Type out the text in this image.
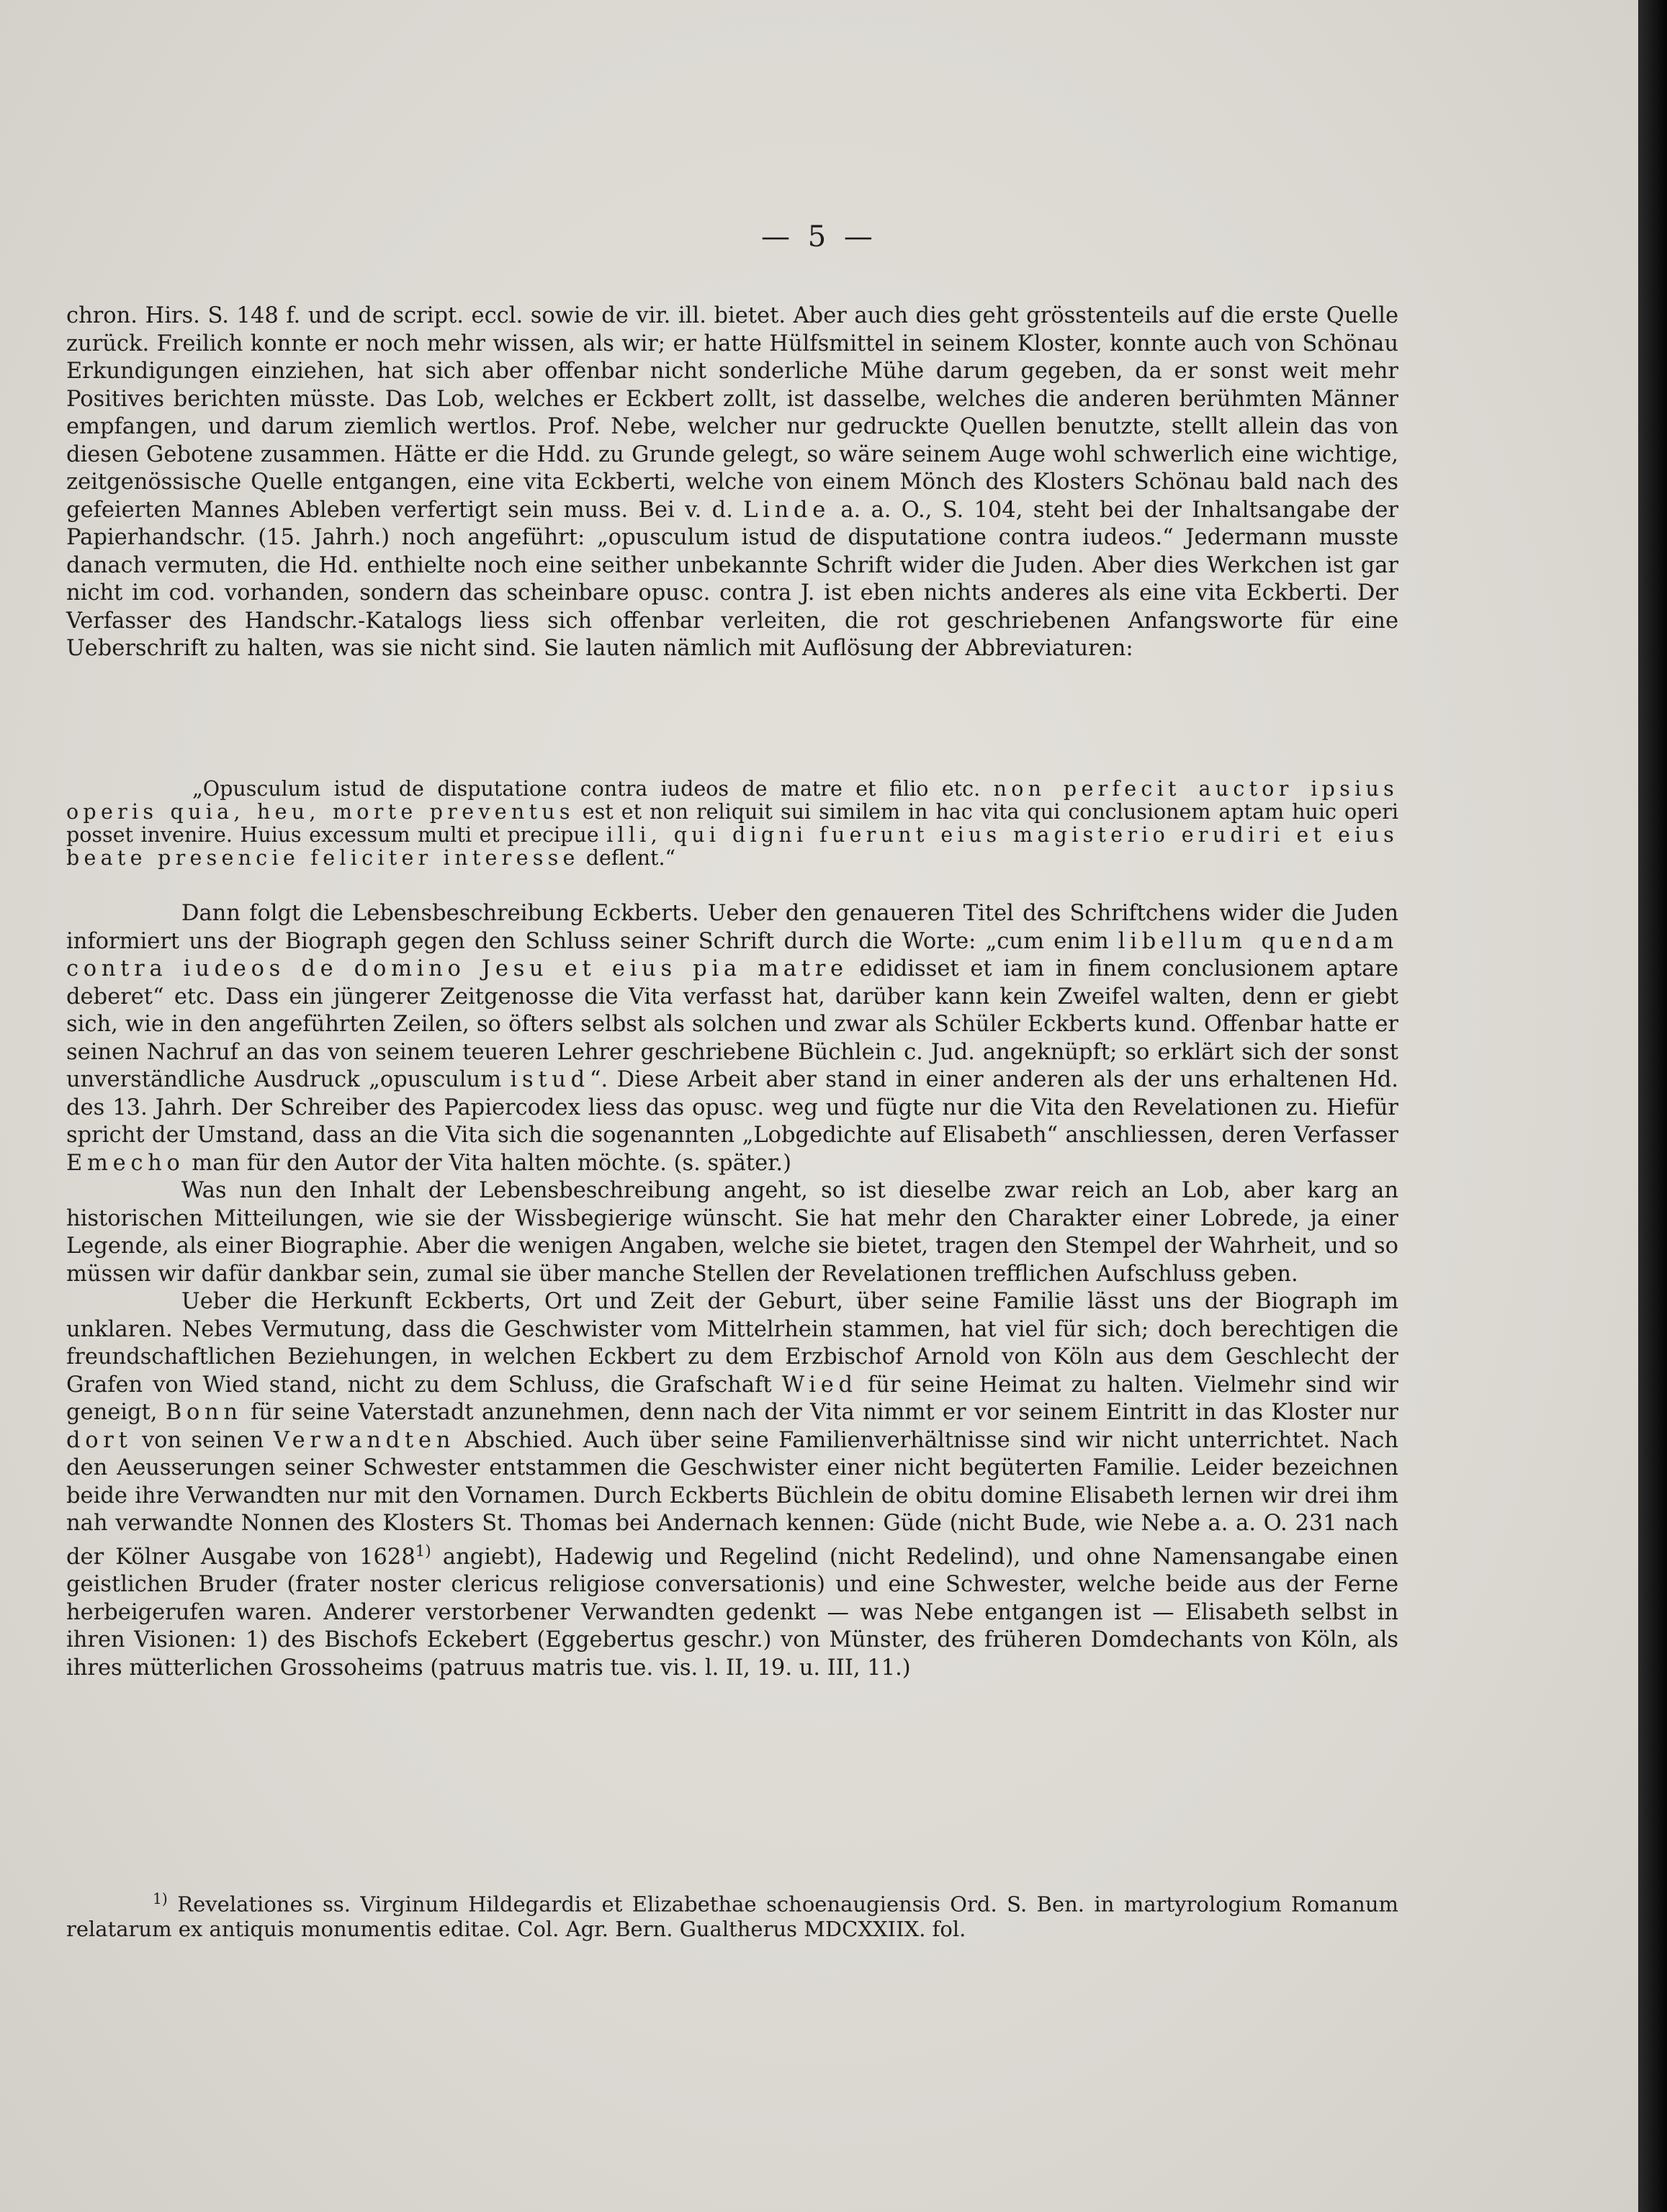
— 5 —

chron. Hirs. S. 148 f. und de script. eccl. sowie de vir. ill. bietet. Aber auch dies geht grösstenteils auf die erste Quelle zurück. Freilich konnte er noch mehr wissen, als wir; er hatte Hülfsmittel in seinem Kloster, konnte auch von Schönau Erkundigungen einziehen, hat sich aber offenbar nicht sonderliche Mühe darum gegeben, da er sonst weit mehr Positives berichten müsste. Das Lob, welches er Eckbert zollt, ist dasselbe, welches die anderen berühmten Männer empfangen, und darum ziemlich wertlos. Prof. Nebe, welcher nur gedruckte Quellen benutzte, stellt allein das von diesen Gebotene zusammen. Hätte er die Hdd. zu Grunde gelegt, so wäre seinem Auge wohl schwerlich eine wichtige, zeitgenössische Quelle entgangen, eine vita Eckberti, welche von einem Mönch des Klosters Schönau bald nach des gefeierten Mannes Ableben verfertigt sein muss. Bei v. d. Linde a. a. O., S. 104, steht bei der Inhaltsangabe der Papierhandschr. (15. Jahrh.) noch angeführt: „opusculum istud de disputatione contra iudeos.“ Jedermann musste danach vermuten, die Hd. enthielte noch eine seither unbekannte Schrift wider die Juden. Aber dies Werkchen ist gar nicht im cod. vorhanden, sondern das scheinbare opusc. contra J. ist eben nichts anderes als eine vita Eckberti. Der Verfasser des Handschr.-Katalogs liess sich offenbar verleiten, die rot geschriebenen Anfangsworte für eine Ueberschrift zu halten, was sie nicht sind. Sie lauten nämlich mit Auflösung der Abbreviaturen:

„Opusculum istud de disputatione contra iudeos de matre et filio etc. non perfecit auctor ipsius operis quia, heu, morte preventus est et non reliquit sui similem in hac vita qui conclusionem aptam huic operi posset invenire. Huius excessum multi et precipue illi, qui digni fuerunt eius magisterio erudiri et eius beate presencie feliciter interesse deflent.“

Dann folgt die Lebensbeschreibung Eckberts. Ueber den genaueren Titel des Schriftchens wider die Juden informiert uns der Biograph gegen den Schluss seiner Schrift durch die Worte: „cum enim libellum quendam contra iudeos de domino Jesu et eius pia matre edidisset et iam in finem conclusionem aptare deberet“ etc. Dass ein jüngerer Zeitgenosse die Vita verfasst hat, darüber kann kein Zweifel walten, denn er giebt sich, wie in den angeführten Zeilen, so öfters selbst als solchen und zwar als Schüler Eckberts kund. Offenbar hatte er seinen Nachruf an das von seinem teueren Lehrer geschriebene Büchlein c. Jud. angeknüpft; so erklärt sich der sonst unverständliche Ausdruck „opusculum istud“. Diese Arbeit aber stand in einer anderen als der uns erhaltenen Hd. des 13. Jahrh. Der Schreiber des Papiercodex liess das opusc. weg und fügte nur die Vita den Revelationen zu. Hiefür spricht der Umstand, dass an die Vita sich die sogenannten „Lobgedichte auf Elisabeth“ anschliessen, deren Verfasser Emecho man für den Autor der Vita halten möchte. (s. später.)

Was nun den Inhalt der Lebensbeschreibung angeht, so ist dieselbe zwar reich an Lob, aber karg an historischen Mitteilungen, wie sie der Wissbegierige wünscht. Sie hat mehr den Charakter einer Lobrede, ja einer Legende, als einer Biographie. Aber die wenigen Angaben, welche sie bietet, tragen den Stempel der Wahrheit, und so müssen wir dafür dankbar sein, zumal sie über manche Stellen der Revelationen trefflichen Aufschluss geben.

Ueber die Herkunft Eckberts, Ort und Zeit der Geburt, über seine Familie lässt uns der Biograph im unklaren. Nebes Vermutung, dass die Geschwister vom Mittelrhein stammen, hat viel für sich; doch berechtigen die freundschaftlichen Beziehungen, in welchen Eckbert zu dem Erzbischof Arnold von Köln aus dem Geschlecht der Grafen von Wied stand, nicht zu dem Schluss, die Grafschaft Wied für seine Heimat zu halten. Vielmehr sind wir geneigt, Bonn für seine Vaterstadt anzunehmen, denn nach der Vita nimmt er vor seinem Eintritt in das Kloster nur dort von seinen Verwandten Abschied. Auch über seine Familienverhältnisse sind wir nicht unterrichtet. Nach den Aeusserungen seiner Schwester entstammen die Geschwister einer nicht begüterten Familie. Leider bezeichnen beide ihre Verwandten nur mit den Vornamen. Durch Eckberts Büchlein de obitu domine Elisabeth lernen wir drei ihm nah verwandte Nonnen des Klosters St. Thomas bei Andernach kennen: Güde (nicht Bude, wie Nebe a. a. O. 231 nach der Kölner Ausgabe von 1628$^{1)}$ angiebt), Hadewig und Regelind (nicht Redelind), und ohne Namensangabe einen geistlichen Bruder (frater noster clericus religiose conversationis) und eine Schwester, welche beide aus der Ferne herbeigerufen waren. Anderer verstorbener Verwandten gedenkt — was Nebe entgangen ist — Elisabeth selbst in ihren Visionen: 1) des Bischofs Eckebert (Eggebertus geschr.) von Münster, des früheren Domdechants von Köln, als ihres mütterlichen Grossoheims (patruus matris tue. vis. l. II, 19. u. III, 11.)

$^{1)}$ Revelationes ss. Virginum Hildegardis et Elizabethae schoenaugiensis Ord. S. Ben. in martyrologium Romanum relatarum ex antiquis monumentis editae. Col. Agr. Bern. Gualtherus MDCXXIIX. fol.
